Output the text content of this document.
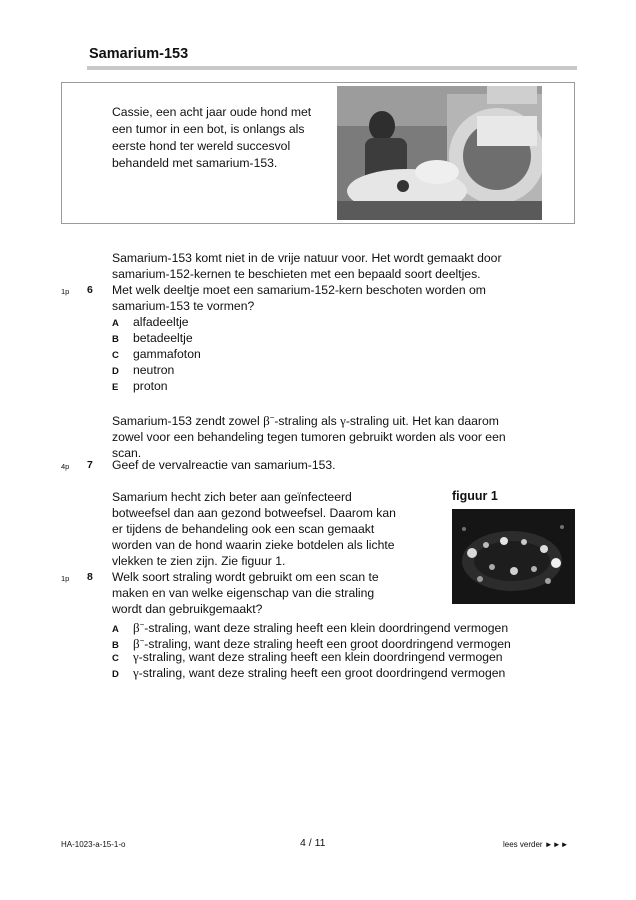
Samarium-153
Cassie, een acht jaar oude hond met een tumor in een bot, is onlangs als eerste hond ter wereld succesvol behandeld met samarium-153.
Samarium-153 komt niet in de vrije natuur voor. Het wordt gemaakt door
samarium-152-kernen te beschieten met een bepaald soort deeltjes.
1p 6 Met welk deeltje moet een samarium-152-kern beschoten worden om
samarium-153 te vormen?
A alfadeeltje
B betadeeltje
C gammafoton
D neutron
E proton
Samarium-153 zendt zowel β−-straling als γ-straling uit. Het kan daarom
zowel voor een behandeling tegen tumoren gebruikt worden als voor een
scan.
4p 7 Geef de vervalreactie van samarium-153.
Samarium hecht zich beter aan geïnfecteerd
botweefsel dan aan gezond botweefsel. Daarom kan
er tijdens de behandeling ook een scan gemaakt
worden van de hond waarin zieke botdelen als lichte
vlekken te zien zijn. Zie figuur 1.
figuur 1
1p 8 Welk soort straling wordt gebruikt om een scan te
maken en van welke eigenschap van die straling
wordt dan gebruikgemaakt?
A β−-straling, want deze straling heeft een klein doordringend vermogen
B β−-straling, want deze straling heeft een groot doordringend vermogen
C γ-straling, want deze straling heeft een klein doordringend vermogen
D γ-straling, want deze straling heeft een groot doordringend vermogen
HA-1023-a-15-1-o	4 / 11	lees verder ►►►
